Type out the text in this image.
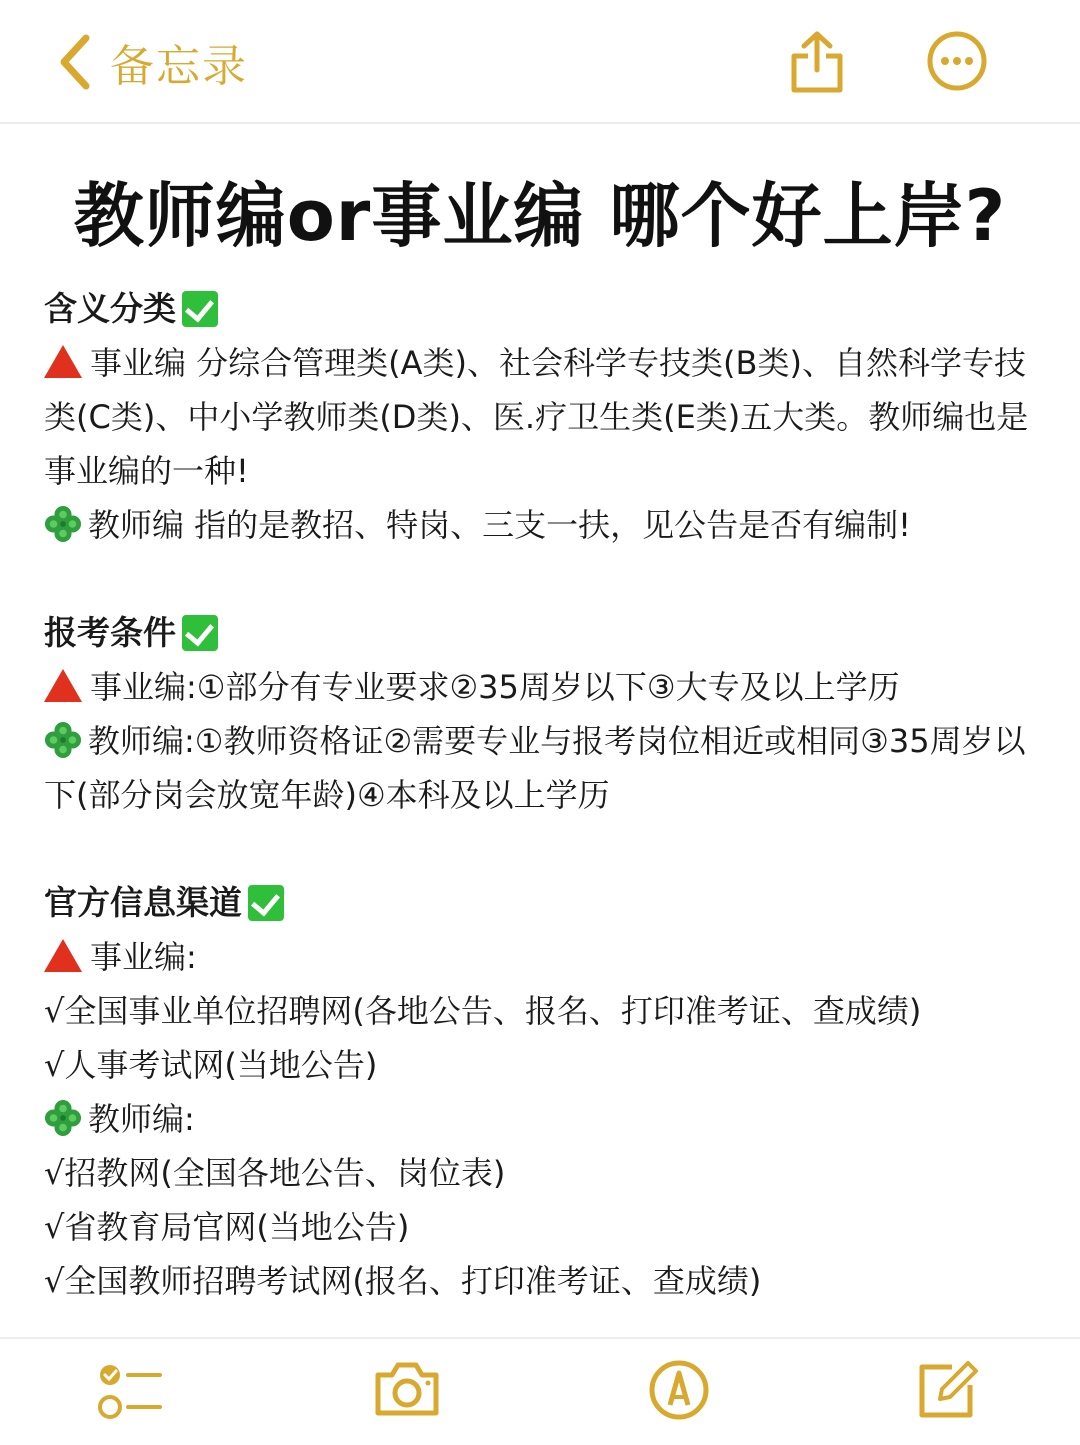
备忘录
教师编or事业编 哪个好上岸?
含义分类
事业编 分综合管理类(A类)、社会科学专技类(B类)、自然科学专技类(C类)、中小学教师类(D类)、医.疗卫生类(E类)五大类。教师编也是事业编的一种!
教师编 指的是教招、特岗、三支一扶，见公告是否有编制!
报考条件
事业编:①部分有专业要求②35周岁以下③大专及以上学历
教师编:①教师资格证②需要专业与报考岗位相近或相同③35周岁以下(部分岗会放宽年龄)④本科及以上学历
官方信息渠道
事业编:
√全国事业单位招聘网(各地公告、报名、打印准考证、查成绩)
√人事考试网(当地公告)
教师编:
√招教网(全国各地公告、岗位表)
√省教育局官网(当地公告)
√全国教师招聘考试网(报名、打印准考证、查成绩)
